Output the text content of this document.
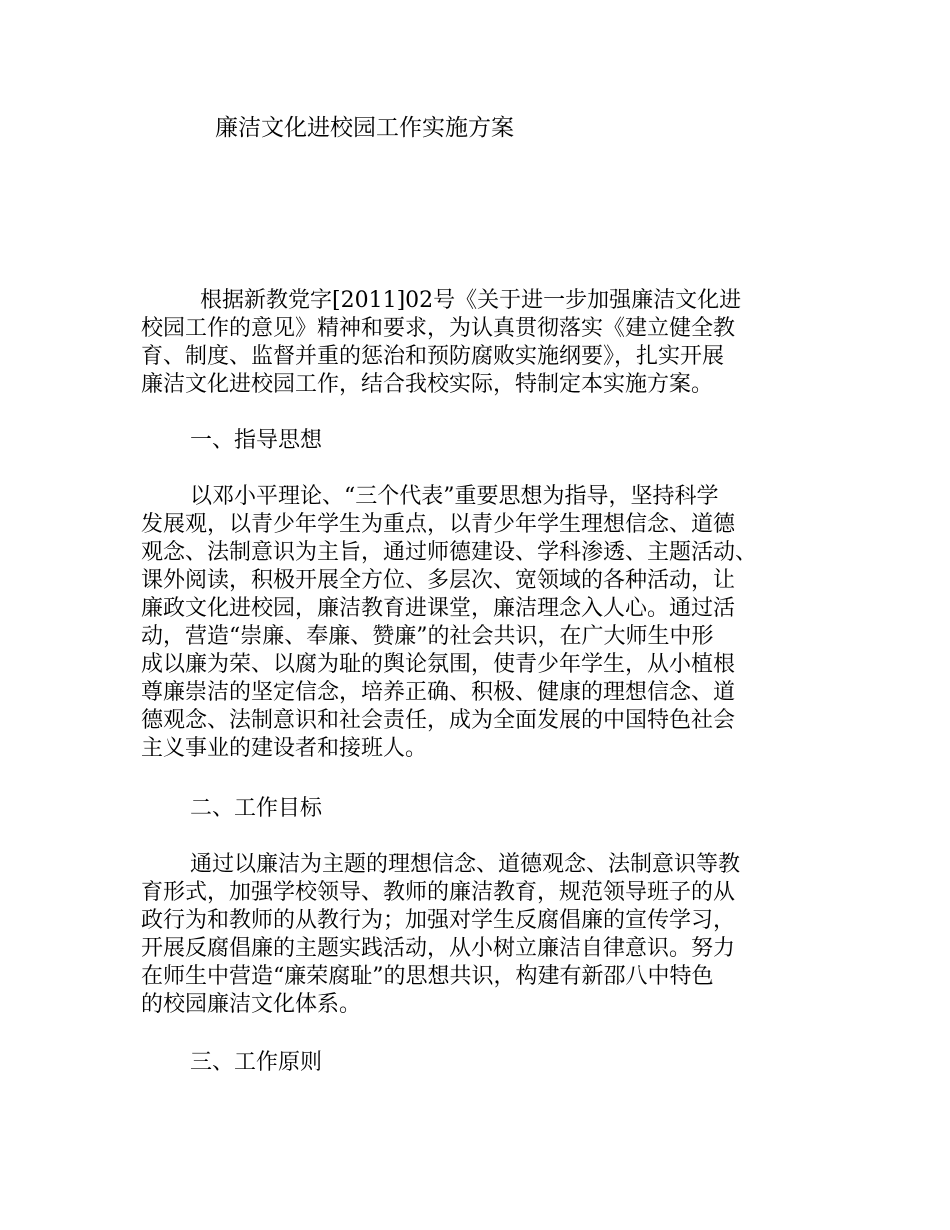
廉洁文化进校园工作实施方案
根据新教党字[2011]02号《关于进一步加强廉洁文化进
校园工作的意见》精神和要求，为认真贯彻落实《建立健全教
育、制度、监督并重的惩治和预防腐败实施纲要》，扎实开展
廉洁文化进校园工作，结合我校实际，特制定本实施方案。
一、指导思想
以邓小平理论、“三个代表”重要思想为指导，坚持科学
发展观，以青少年学生为重点，以青少年学生理想信念、道德
观念、法制意识为主旨，通过师德建设、学科渗透、主题活动、
课外阅读，积极开展全方位、多层次、宽领域的各种活动，让
廉政文化进校园，廉洁教育进课堂，廉洁理念入人心。通过活
动，营造“崇廉、奉廉、赞廉”的社会共识，在广大师生中形
成以廉为荣、以腐为耻的舆论氛围，使青少年学生，从小植根
尊廉崇洁的坚定信念，培养正确、积极、健康的理想信念、道
德观念、法制意识和社会责任，成为全面发展的中国特色社会
主义事业的建设者和接班人。
二、工作目标
通过以廉洁为主题的理想信念、道德观念、法制意识等教
育形式，加强学校领导、教师的廉洁教育，规范领导班子的从
政行为和教师的从教行为；加强对学生反腐倡廉的宣传学习，
开展反腐倡廉的主题实践活动，从小树立廉洁自律意识。努力
在师生中营造“廉荣腐耻”的思想共识，构建有新邵八中特色
的校园廉洁文化体系。
三、工作原则
